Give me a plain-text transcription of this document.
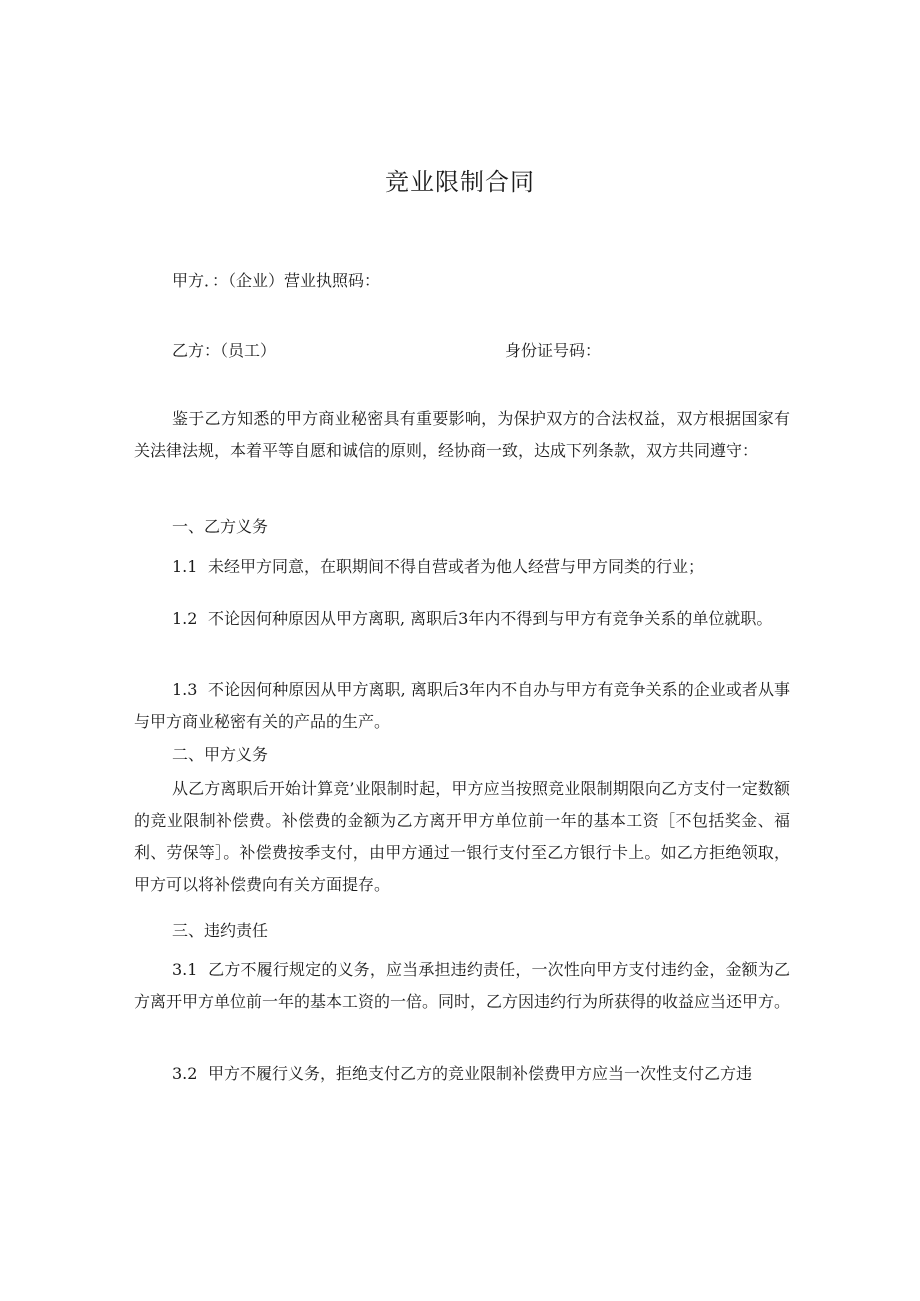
竞业限制合同
甲方．：（企业）营业执照码：
乙方：（员工）	身份证号码：

鉴于乙方知悉的甲方商业秘密具有重要影响，为保护双方的合法权益，双方根据国家有关法律法规，本着平等自愿和诚信的原则，经协商一致，达成下列条款，双方共同遵守：

一、乙方义务

1.1 未经甲方同意，在职期间不得自营或者为他人经营与甲方同类的行业；

1.2 不论因何种原因从甲方离职, 离职后3年内不得到与甲方有竞争关系的单位就职。

1.3 不论因何种原因从甲方离职, 离职后3年内不自办与甲方有竞争关系的企业或者从事与甲方商业秘密有关的产品的生产。

二、甲方义务

从乙方离职后开始计算竞’业限制时起，甲方应当按照竞业限制期限向乙方支付一定数额的竞业限制补偿费。补偿费的金额为乙方离开甲方单位前一年的基本工资［不包括奖金、福利、劳保等］。补偿费按季支付，由甲方通过一银行支付至乙方银行卡上。如乙方拒绝领取，甲方可以将补偿费向有关方面提存。

三、违约责任

3.1 乙方不履行规定的义务，应当承担违约责任，一次性向甲方支付违约金，金额为乙方离开甲方单位前一年的基本工资的一倍。同时，乙方因违约行为所获得的收益应当还甲方。

3.2 甲方不履行义务，拒绝支付乙方的竞业限制补偿费甲方应当一次性支付乙方违
